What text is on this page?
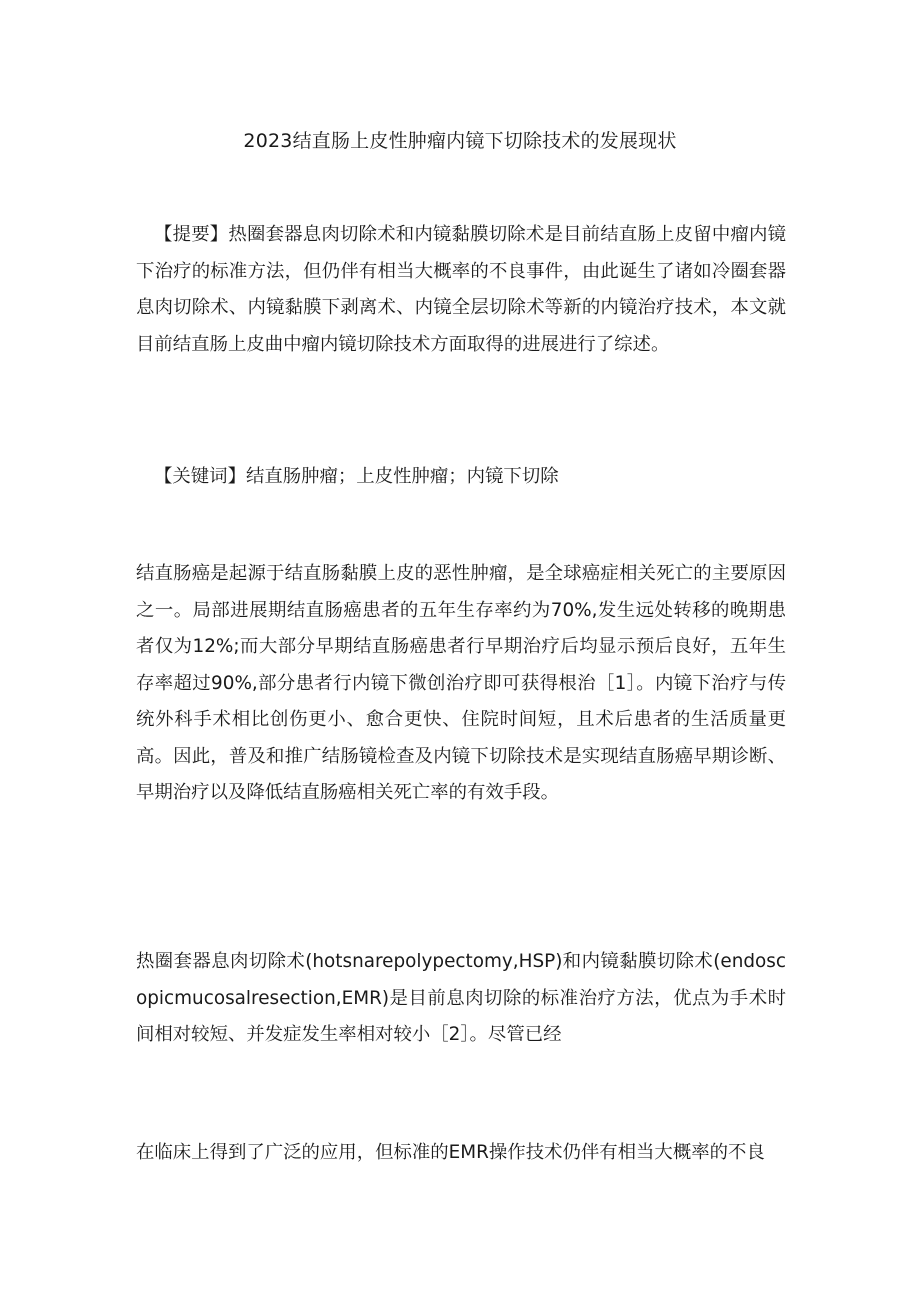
2023结直肠上皮性肿瘤内镜下切除技术的发展现状
【提要】热圈套器息肉切除术和内镜黏膜切除术是目前结直肠上皮留中瘤内镜下治疗的标准方法，但仍伴有相当大概率的不良事件，由此诞生了诸如冷圈套器息肉切除术、内镜黏膜下剥离术、内镜全层切除术等新的内镜治疗技术，本文就目前结直肠上皮曲中瘤内镜切除技术方面取得的进展进行了综述。
【关键词】结直肠肿瘤；上皮性肿瘤；内镜下切除
结直肠癌是起源于结直肠黏膜上皮的恶性肿瘤，是全球癌症相关死亡的主要原因之一。局部进展期结直肠癌患者的五年生存率约为70%,发生远处转移的晚期患者仅为12%;而大部分早期结直肠癌患者行早期治疗后均显示预后良好，五年生存率超过90%,部分患者行内镜下微创治疗即可获得根治［1］。内镜下治疗与传统外科手术相比创伤更小、愈合更快、住院时间短，且术后患者的生活质量更高。因此，普及和推广结肠镜检查及内镜下切除技术是实现结直肠癌早期诊断、早期治疗以及降低结直肠癌相关死亡率的有效手段。
热圈套器息肉切除术(hotsnarepolypectomy,HSP)和内镜黏膜切除术(endoscopicmucosalresection,EMR)是目前息肉切除的标准治疗方法，优点为手术时间相对较短、并发症发生率相对较小［2］。尽管已经
在临床上得到了广泛的应用，但标准的EMR操作技术仍伴有相当大概率的不良
